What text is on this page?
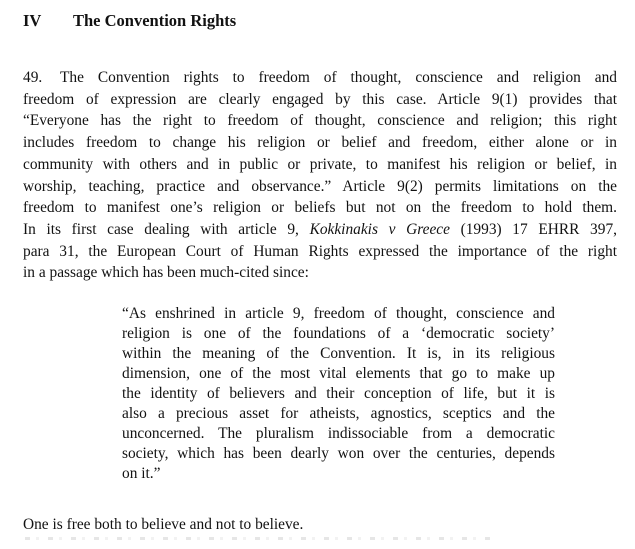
IV The Convention Rights
49.	The Convention rights to freedom of thought, conscience and religion and
freedom of expression are clearly engaged by this case. Article 9(1) provides that
“Everyone has the right to freedom of thought, conscience and religion; this right
includes freedom to change his religion or belief and freedom, either alone or in
community with others and in public or private, to manifest his religion or belief, in
worship, teaching, practice and observance.” Article 9(2) permits limitations on the
freedom to manifest one’s religion or beliefs but not on the freedom to hold them.
In its first case dealing with article 9, Kokkinakis v Greece (1993) 17 EHRR 397,
para 31, the European Court of Human Rights expressed the importance of the right
in a passage which has been much-cited since:
“As enshrined in article 9, freedom of thought, conscience and
religion is one of the foundations of a ‘democratic society’
within the meaning of the Convention. It is, in its religious
dimension, one of the most vital elements that go to make up
the identity of believers and their conception of life, but it is
also a precious asset for atheists, agnostics, sceptics and the
unconcerned. The pluralism indissociable from a democratic
society, which has been dearly won over the centuries, depends
on it.”
One is free both to believe and not to believe.
